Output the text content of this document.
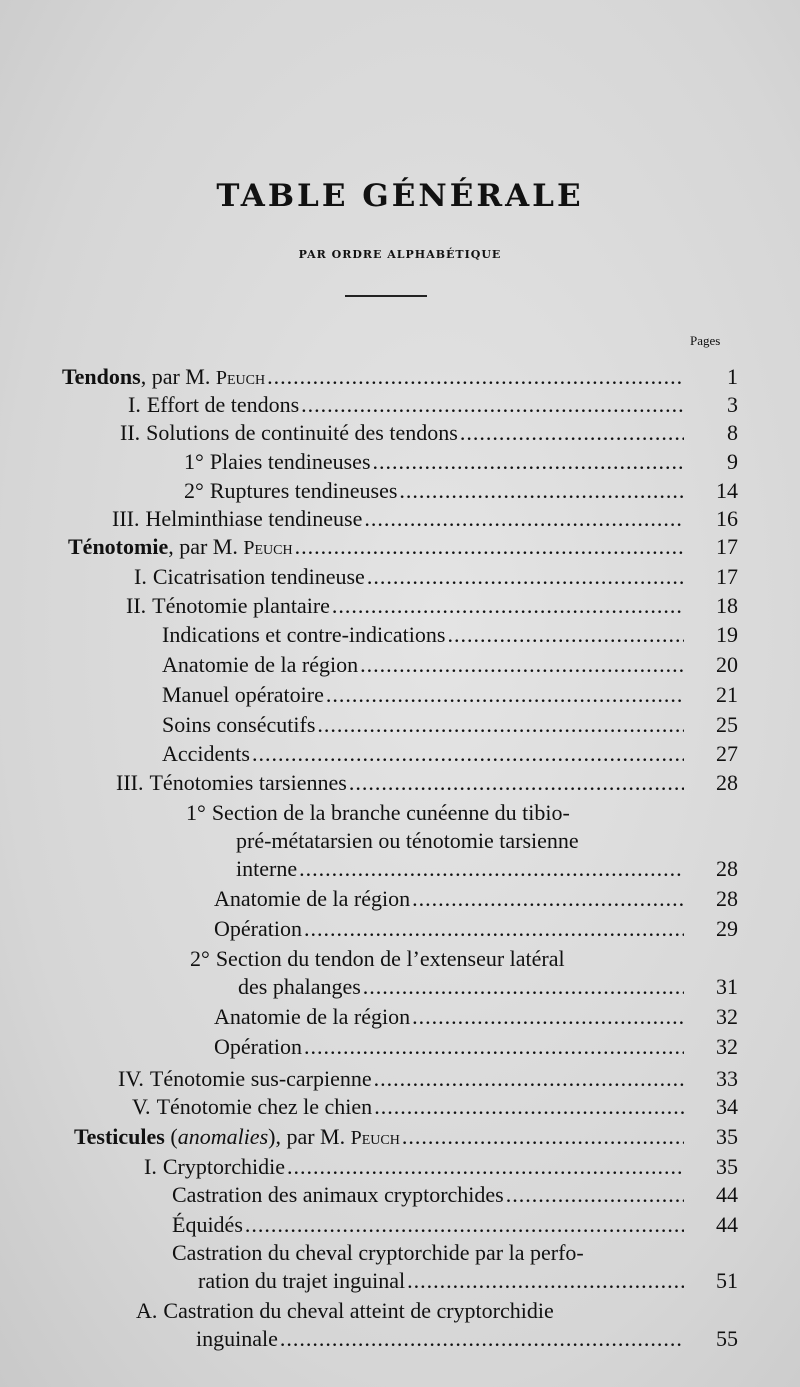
TABLE GÉNÉRALE
PAR ORDRE ALPHABÉTIQUE
Pages
Tendons, par M. Peuch .....	1
I. Effort de tendons .....	3
II. Solutions de continuité des tendons .....	8
1° Plaies tendineuses .....	9
2° Ruptures tendineuses .....	14
III. Helminthiase tendineuse .....	16
Ténotomie, par M. Peuch .....	17
I. Cicatrisation tendineuse .....	17
II. Ténotomie plantaire .....	18
Indications et contre-indications .....	19
Anatomie de la région .....	20
Manuel opératoire .....	21
Soins consécutifs .....	25
Accidents .....	27
III. Ténotomies tarsiennes .....	28
1° Section de la branche cunéenne du tibio-
pré-métatarsien ou ténotomie tarsienne
interne .....	28
Anatomie de la région .....	28
Opération .....	29
2° Section du tendon de l’extenseur latéral
des phalanges .....	31
Anatomie de la région .....	32
Opération .....	32
IV. Ténotomie sus-carpienne .....	33
V. Ténotomie chez le chien .....	34
Testicules (anomalies), par M. Peuch .....	35
I. Cryptorchidie .....	35
Castration des animaux cryptorchides .....	44
Équidés .....	44
Castration du cheval cryptorchide par la perfo-
ration du trajet inguinal .....	51
A. Castration du cheval atteint de cryptorchidie
inguinale .....	55
